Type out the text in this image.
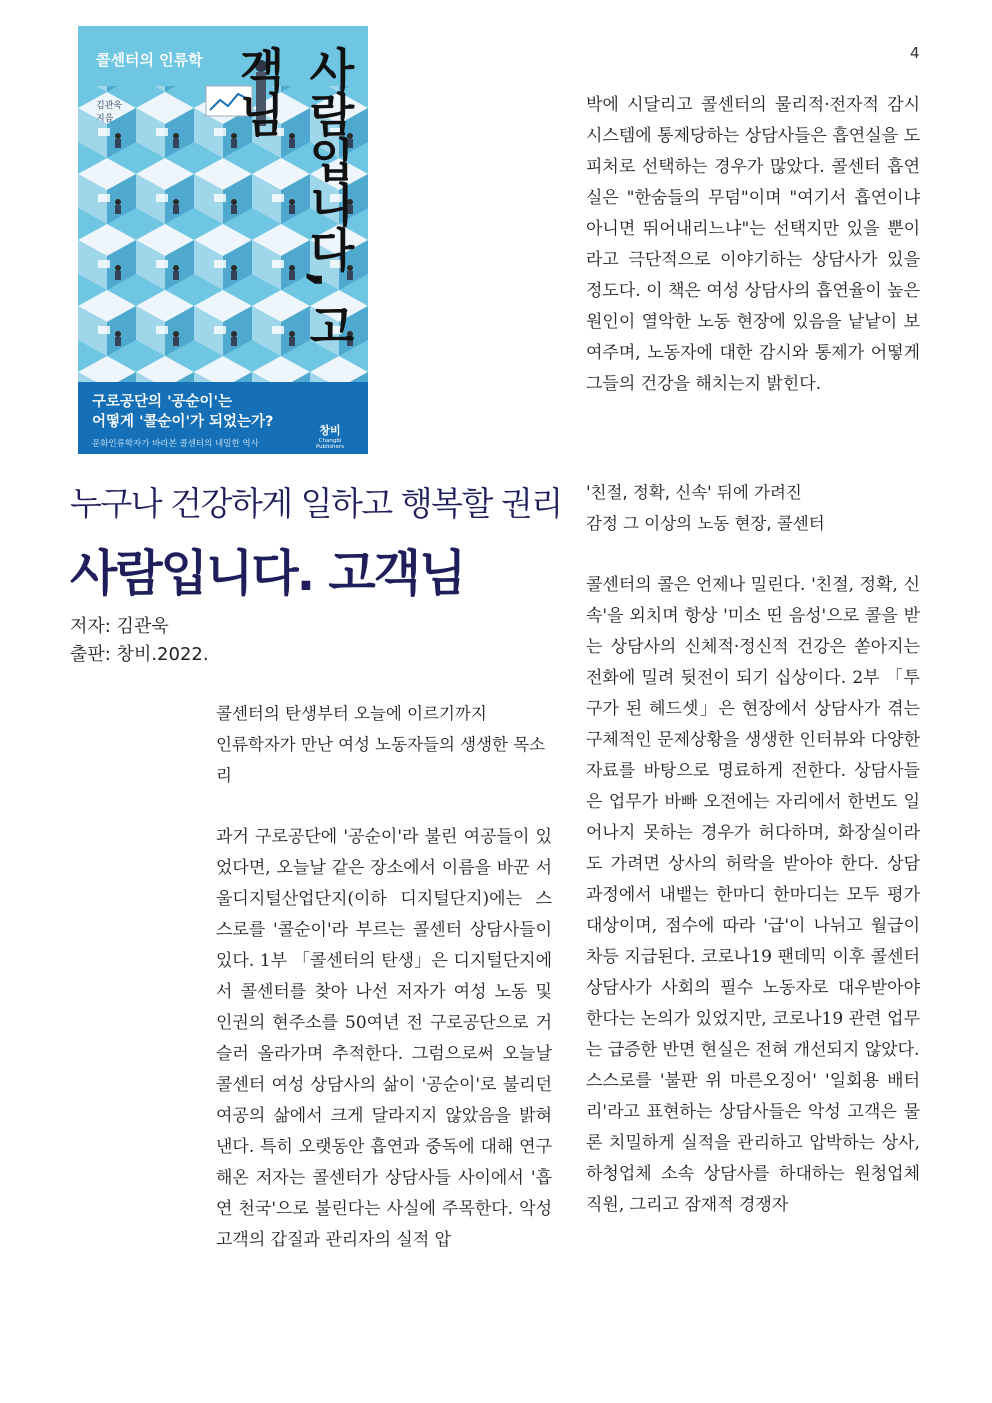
4
콜센터의 인류학
김관욱
지음	사람입니다, 고객님
구로공단의 '공순이'는
어떻게 '콜순이'가 되었는가?
문화인류학자가 바라본 콜센터의 내밀한 역사
창비
Changbi Publishers
누구나 건강하게 일하고 행복할 권리
사람입니다. 고객님
저자: 김관욱
출판: 창비.2022.

콜센터의 탄생부터 오늘에 이르기까지

인류학자가 만난 여성 노동자들의 생생한 목소리

과거 구로공단에 '공순이'라 불린 여공들이 있었다면, 오늘날 같은 장소에서 이름을 바꾼 서울디지털산업단지(이하 디지털단지)에는 스스로를 '콜순이'라 부르는 콜센터 상담사들이 있다. 1부 「콜센터의 탄생」은 디지털단지에서 콜센터를 찾아 나선 저자가 여성 노동 및 인권의 현주소를 50여년 전 구로공단으로 거슬러 올라가며 추적한다. 그럼으로써 오늘날 콜센터 여성 상담사의 삶이 '공순이'로 불리던 여공의 삶에서 크게 달라지지 않았음을 밝혀낸다. 특히 오랫동안 흡연과 중독에 대해 연구해온 저자는 콜센터가 상담사들 사이에서 '흡연 천국'으로 불린다는 사실에 주목한다. 악성 고객의 갑질과 관리자의 실적 압

박에 시달리고 콜센터의 물리적·전자적 감시 시스템에 통제당하는 상담사들은 흡연실을 도피처로 선택하는 경우가 많았다. 콜센터 흡연실은 "한숨들의 무덤"이며 "여기서 흡연이냐 아니면 뛰어내리느냐"는 선택지만 있을 뿐이라고 극단적으로 이야기하는 상담사가 있을 정도다. 이 책은 여성 상담사의 흡연율이 높은 원인이 열악한 노동 현장에 있음을 낱낱이 보여주며, 노동자에 대한 감시와 통제가 어떻게 그들의 건강을 해치는지 밝힌다.

'친절, 정확, 신속' 뒤에 가려진

감정 그 이상의 노동 현장, 콜센터

콜센터의 콜은 언제나 밀린다. '친절, 정확, 신속'을 외치며 항상 '미소 띤 음성'으로 콜을 받는 상담사의 신체적·정신적 건강은 쏟아지는 전화에 밀려 뒷전이 되기 십상이다. 2부 「투구가 된 헤드셋」은 현장에서 상담사가 겪는 구체적인 문제상황을 생생한 인터뷰와 다양한 자료를 바탕으로 명료하게 전한다. 상담사들은 업무가 바빠 오전에는 자리에서 한번도 일어나지 못하는 경우가 허다하며, 화장실이라도 가려면 상사의 허락을 받아야 한다. 상담 과정에서 내뱉는 한마디 한마디는 모두 평가 대상이며, 점수에 따라 '급'이 나뉘고 월급이 차등 지급된다. 코로나19 팬데믹 이후 콜센터 상담사가 사회의 필수 노동자로 대우받아야 한다는 논의가 있었지만, 코로나19 관련 업무는 급증한 반면 현실은 전혀 개선되지 않았다.

스스로를 '불판 위 마른오징어' '일회용 배터리'라고 표현하는 상담사들은 악성 고객은 물론 치밀하게 실적을 관리하고 압박하는 상사, 하청업체 소속 상담사를 하대하는 원청업체 직원, 그리고 잠재적 경쟁자
